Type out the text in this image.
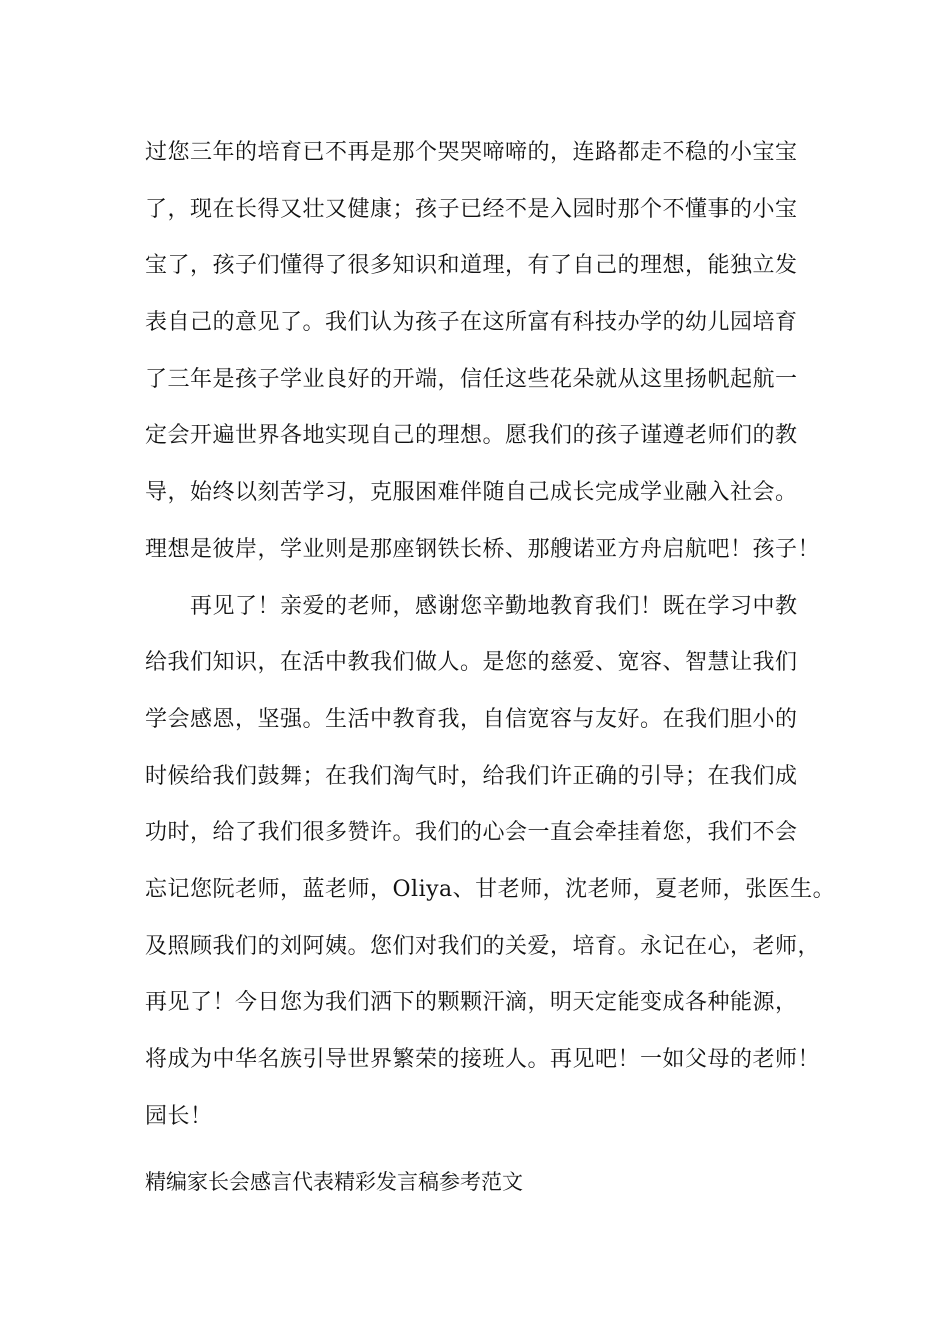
过您三年的培育已不再是那个哭哭啼啼的，连路都走不稳的小宝宝
了，现在长得又壮又健康；孩子已经不是入园时那个不懂事的小宝
宝了，孩子们懂得了很多知识和道理，有了自己的理想，能独立发
表自己的意见了。我们认为孩子在这所富有科技办学的幼儿园培育
了三年是孩子学业良好的开端，信任这些花朵就从这里扬帆起航一
定会开遍世界各地实现自己的理想。愿我们的孩子谨遵老师们的教
导，始终以刻苦学习，克服困难伴随自己成长完成学业融入社会。
理想是彼岸，学业则是那座钢铁长桥、那艘诺亚方舟启航吧！孩子！
再见了！亲爱的老师，感谢您辛勤地教育我们！既在学习中教
给我们知识，在活中教我们做人。是您的慈爱、宽容、智慧让我们
学会感恩，坚强。生活中教育我，自信宽容与友好。在我们胆小的
时候给我们鼓舞；在我们淘气时，给我们许正确的引导；在我们成
功时，给了我们很多赞许。我们的心会一直会牵挂着您，我们不会
忘记您阮老师，蓝老师，Oliya、甘老师，沈老师，夏老师，张医生。
及照顾我们的刘阿姨。您们对我们的关爱，培育。永记在心，老师，
再见了！今日您为我们洒下的颗颗汗滴，明天定能变成各种能源，
将成为中华名族引导世界繁荣的接班人。再见吧！一如父母的老师！
园长！
精编家长会感言代表精彩发言稿参考范文
